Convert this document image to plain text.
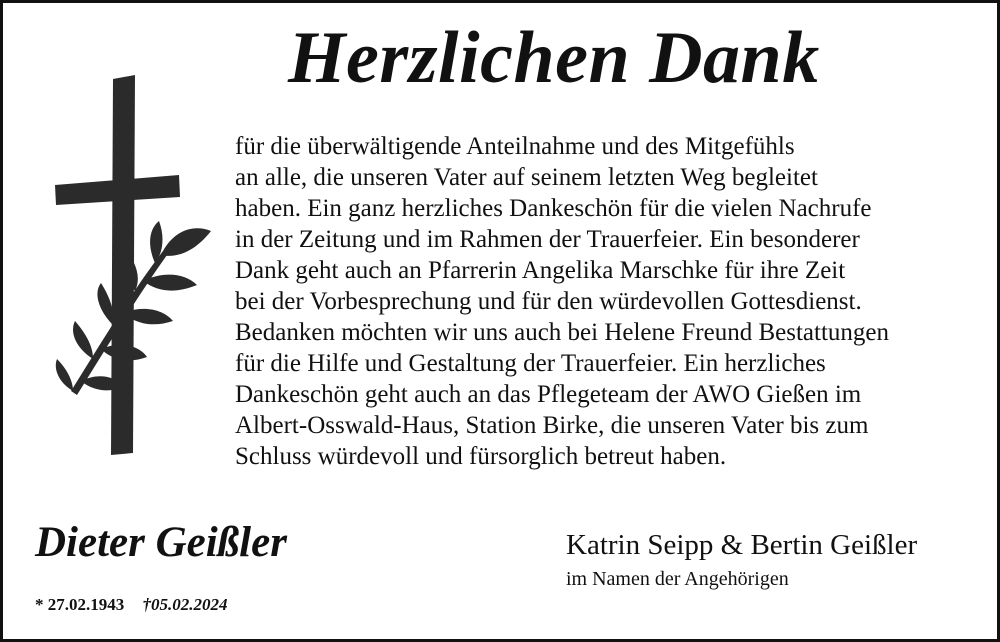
Herzlichen Dank
für die überwältigende Anteilnahme und des Mitgefühls
an alle, die unseren Vater auf seinem letzten Weg begleitet
haben. Ein ganz herzliches Dankeschön für die vielen Nachrufe
in der Zeitung und im Rahmen der Trauerfeier. Ein besonderer
Dank geht auch an Pfarrerin Angelika Marschke für ihre Zeit
bei der Vorbesprechung und für den würdevollen Gottesdienst.
Bedanken möchten wir uns auch bei Helene Freund Bestattungen
für die Hilfe und Gestaltung der Trauerfeier. Ein herzliches
Dankeschön geht auch an das Pflegeteam der AWO Gießen im
Albert-Osswald-Haus, Station Birke, die unseren Vater bis zum
Schluss würdevoll und fürsorglich betreut haben.
Dieter Geißler
* 27.02.1943 †05.02.2024
Katrin Seipp & Bertin Geißler
im Namen der Angehörigen
